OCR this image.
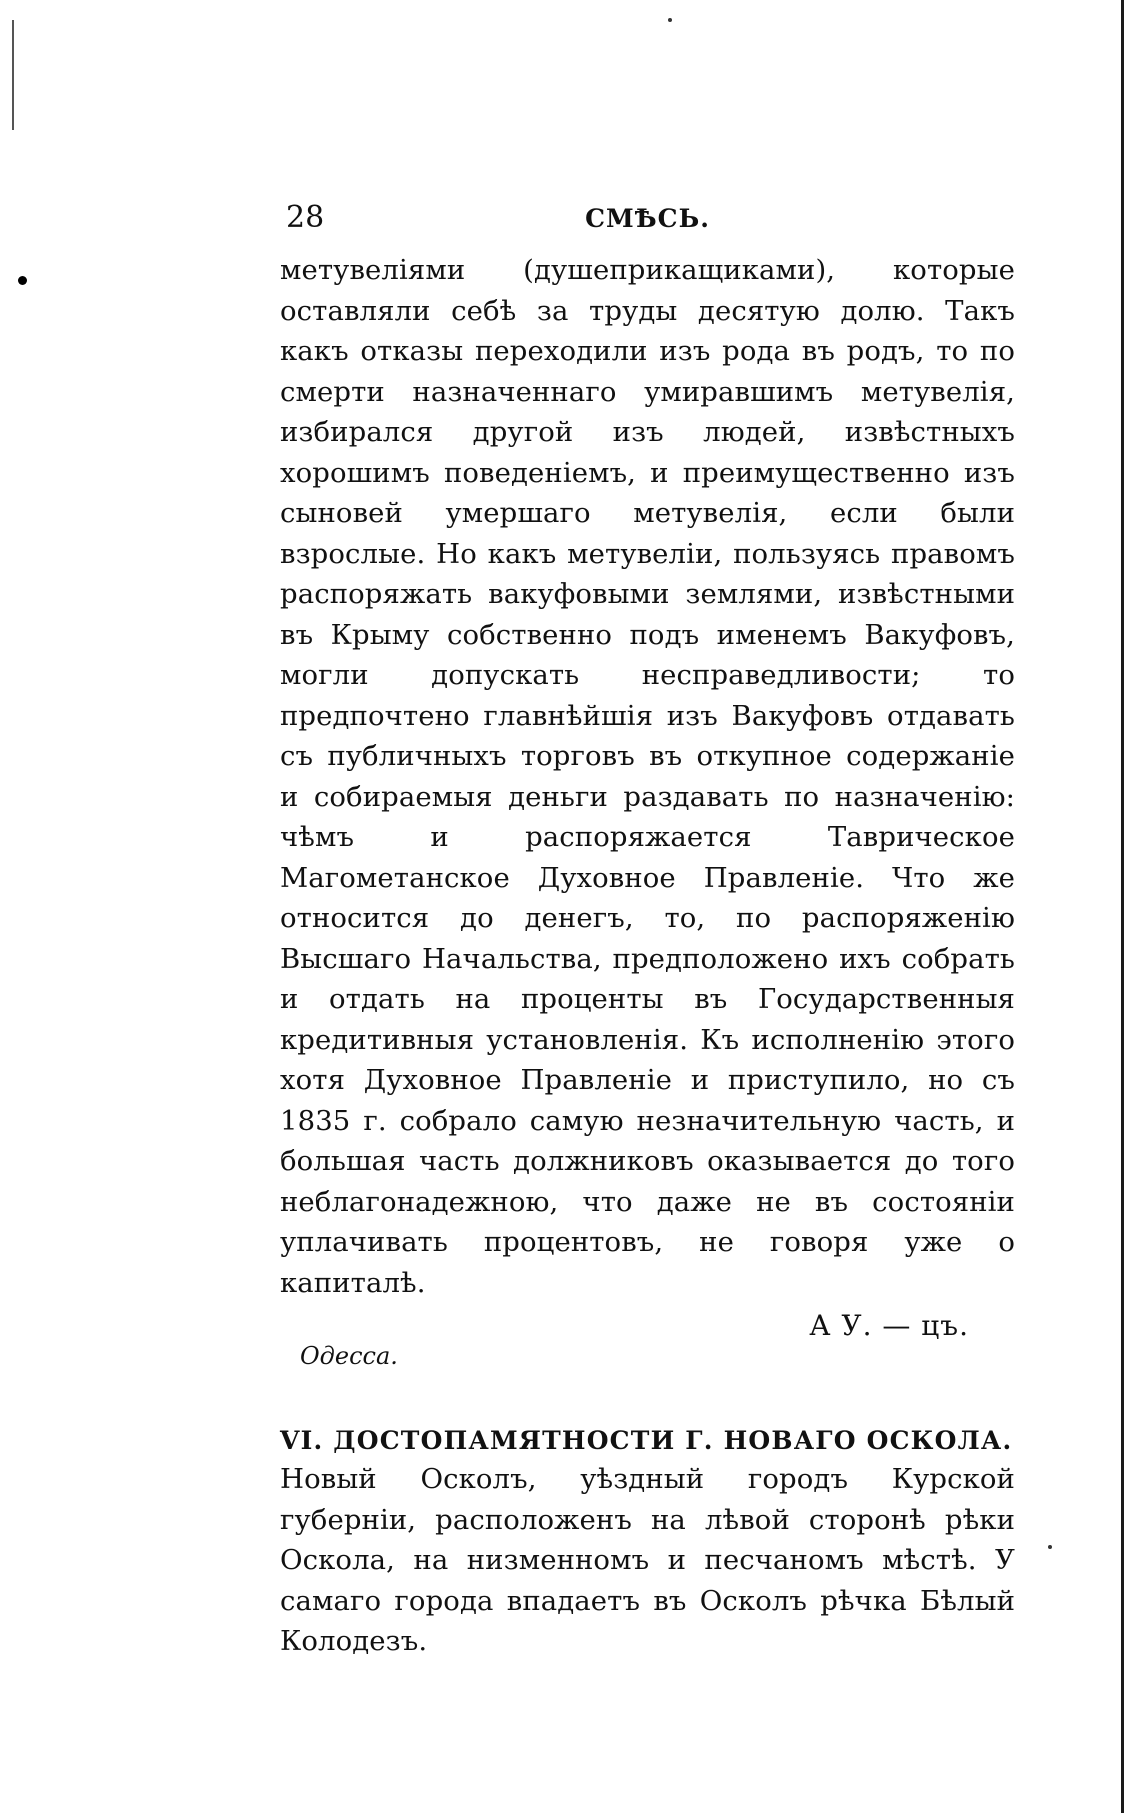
28	СМѢСЬ.

метувеліями (душеприкащиками), которые оставляли себѣ за труды десятую долю. Такъ какъ отказы переходили изъ рода въ родъ, то по смерти назначеннаго умиравшимъ метувелія, избирался другой изъ людей, извѣстныхъ хорошимъ поведеніемъ, и преимущественно изъ сыновей умершаго метувелія, если были взрослые. Но какъ метувеліи, пользуясь правомъ распоряжать вакуфовыми землями, извѣстными въ Крыму собственно подъ именемъ Вакуфовъ, могли допускать несправедливости; то предпочтено главнѣйшія изъ Вакуфовъ отдавать съ публичныхъ торговъ въ откупное содержаніе и собираемыя деньги раздавать по назначенію: чѣмъ и распоряжается Таврическое Магометанское Духовное Правленіе. Что же относится до денегъ, то, по распоряженію Высшаго Начальства, предположено ихъ собрать и отдать на проценты въ Государственныя кредитивныя установленія. Къ исполненію этого хотя Духовное Правленіе и приступило, но съ 1835 г. собрало самую незначительную часть, и большая часть должниковъ оказывается до того неблагонадежною, что даже не въ состояніи уплачивать процентовъ, не говоря уже о капиталѣ.

А У. — цъ.
Одесса.
VI. ДОСТОПАМЯТНОСТИ Г. НОВАГО ОСКОЛА.

Новый Осколъ, уѣздный городъ Курской губерніи, расположенъ на лѣвой сторонѣ рѣки Оскола, на низменномъ и песчаномъ мѣстѣ. У самаго города впадаетъ въ Осколъ рѣчка Бѣлый Колодезъ.
